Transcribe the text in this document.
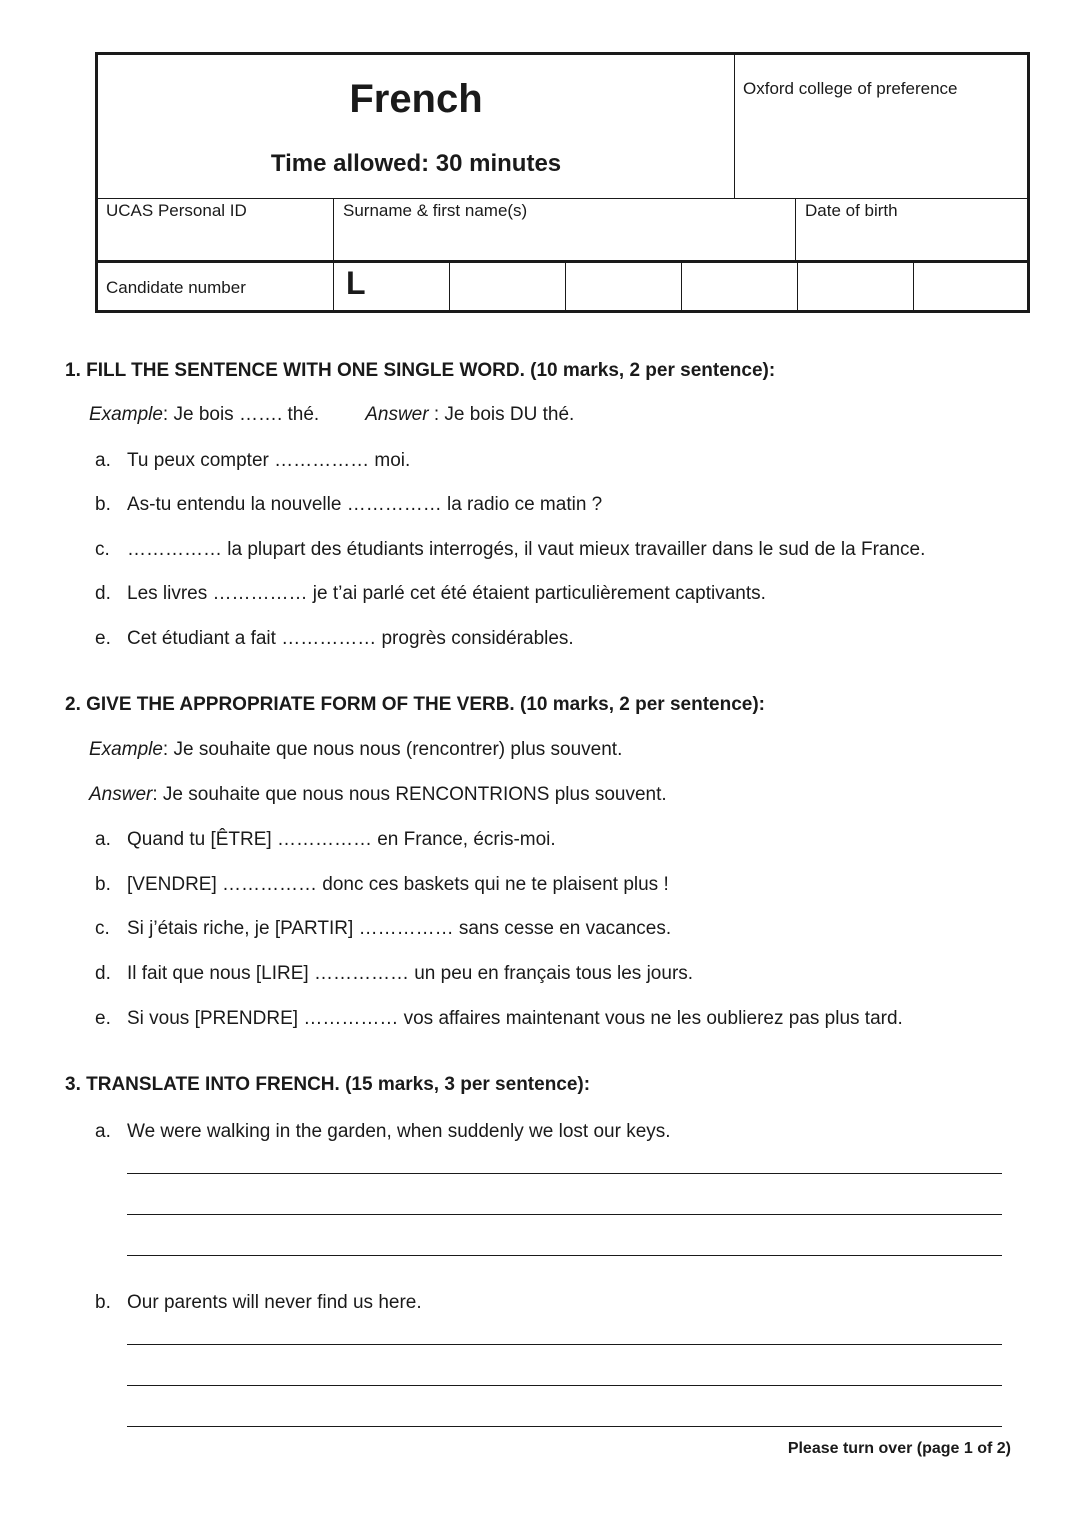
French
Time allowed: 30 minutes
Oxford college of preference
UCAS Personal ID	Surname & first name(s)	Date of birth
Candidate number	L
1. FILL THE SENTENCE WITH ONE SINGLE WORD. (10 marks, 2 per sentence):
Example: Je bois ……. thé. Answer : Je bois DU thé.
a. Tu peux compter …………… moi.
b. As-tu entendu la nouvelle …………… la radio ce matin ?
c. …………… la plupart des étudiants interrogés, il vaut mieux travailler dans le sud de la France.
d. Les livres …………… je t’ai parlé cet été étaient particulièrement captivants.
e. Cet étudiant a fait …………… progrès considérables.
2. GIVE THE APPROPRIATE FORM OF THE VERB. (10 marks, 2 per sentence):
Example: Je souhaite que nous nous (rencontrer) plus souvent.
Answer: Je souhaite que nous nous RENCONTRIONS plus souvent.
a. Quand tu [ÊTRE] …………… en France, écris-moi.
b. [VENDRE] …………… donc ces baskets qui ne te plaisent plus !
c. Si j’étais riche, je [PARTIR] …………… sans cesse en vacances.
d. Il fait que nous [LIRE] …………… un peu en français tous les jours.
e. Si vous [PRENDRE] …………… vos affaires maintenant vous ne les oublierez pas plus tard.
3. TRANSLATE INTO FRENCH. (15 marks, 3 per sentence):
a. We were walking in the garden, when suddenly we lost our keys.
b. Our parents will never find us here.
Please turn over (page 1 of 2)
